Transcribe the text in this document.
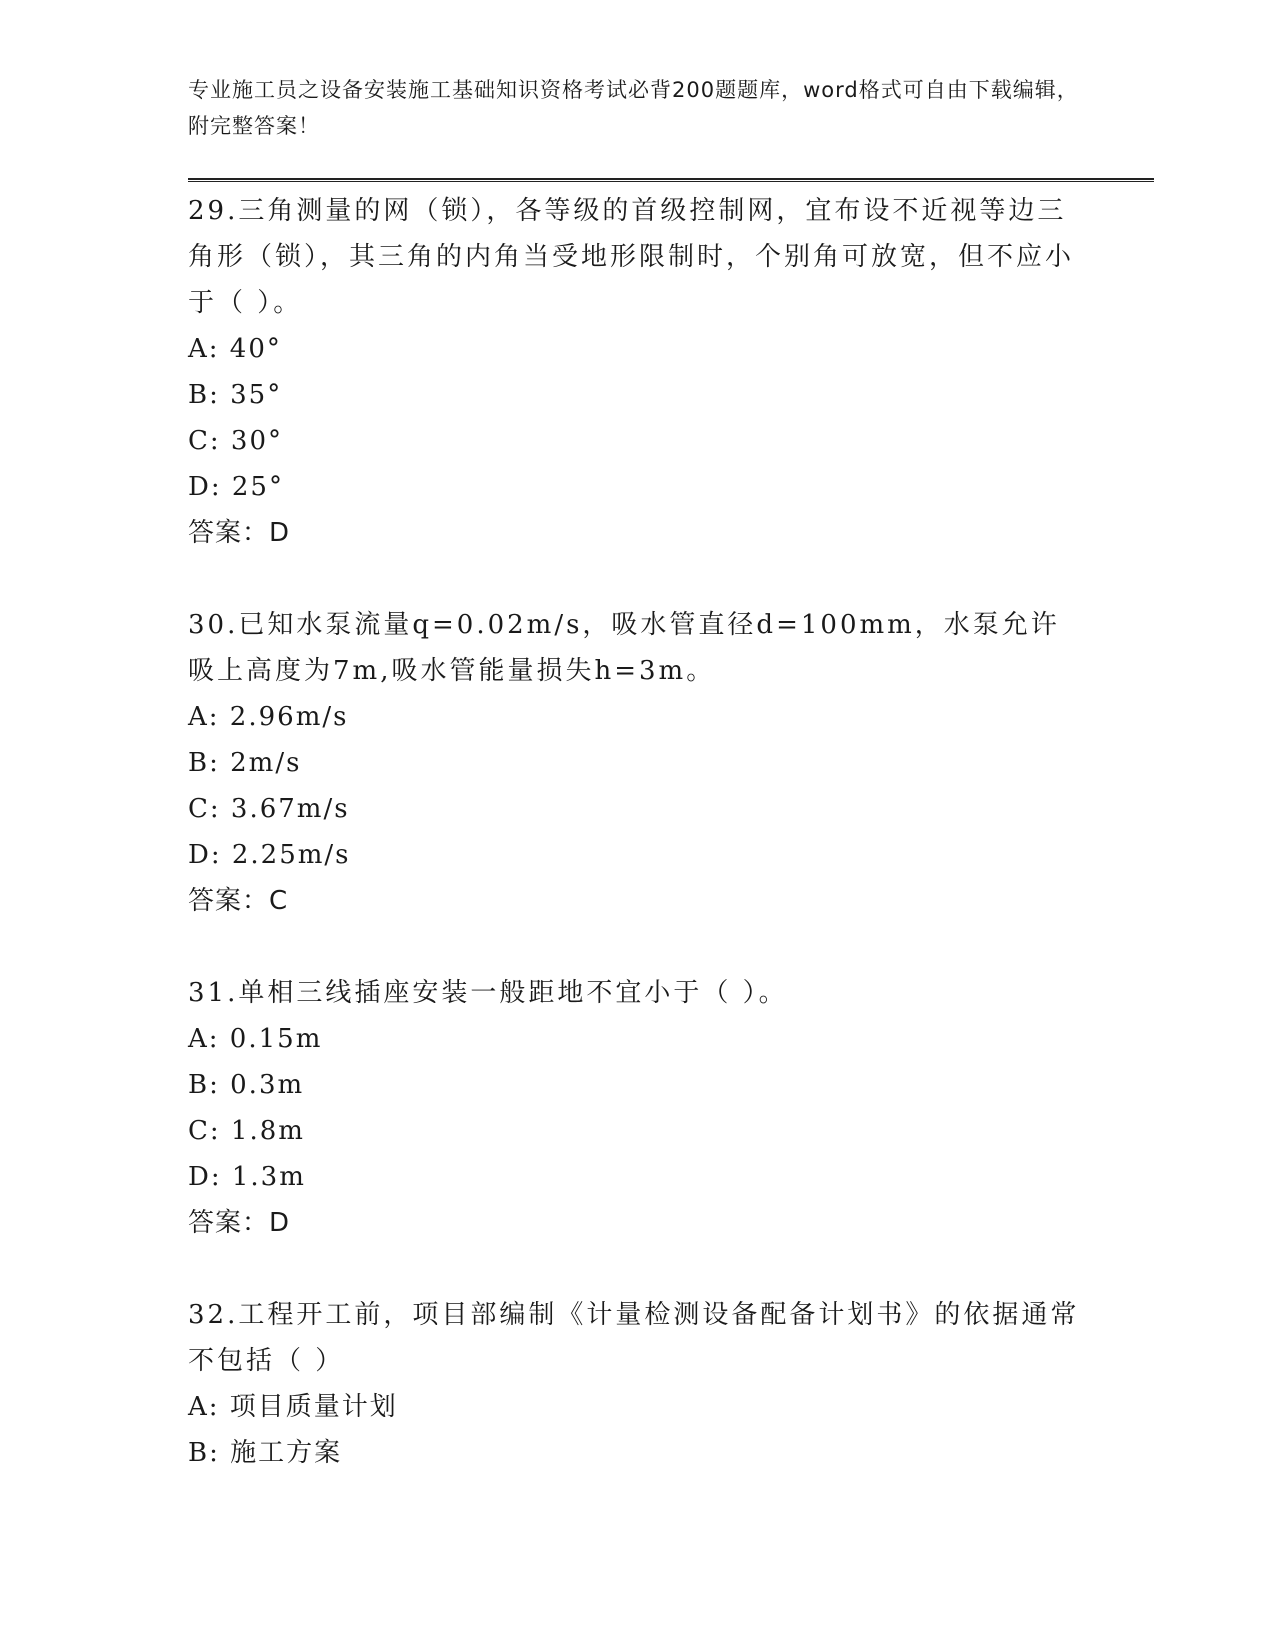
专业施工员之设备安装施工基础知识资格考试必背200题题库，word格式可自由下载编辑，附完整答案！

29.三角测量的网（锁），各等级的首级控制网，宜布设不近视等边三角形（锁），其三角的内角当受地形限制时，个别角可放宽，但不应小于（ ）。

A: 40°

B: 35°

C: 30°

D: 25°

答案：D

30.已知水泵流量q=0.02m/s，吸水管直径d=100mm，水泵允许吸上高度为7m,吸水管能量损失h=3m。

A: 2.96m/s

B: 2m/s

C: 3.67m/s

D: 2.25m/s

答案：C

31.单相三线插座安装一般距地不宜小于（ ）。

A: 0.15m

B: 0.3m

C: 1.8m

D: 1.3m

答案：D

32.工程开工前，项目部编制《计量检测设备配备计划书》的依据通常不包括（ ）

A: 项目质量计划

B: 施工方案
